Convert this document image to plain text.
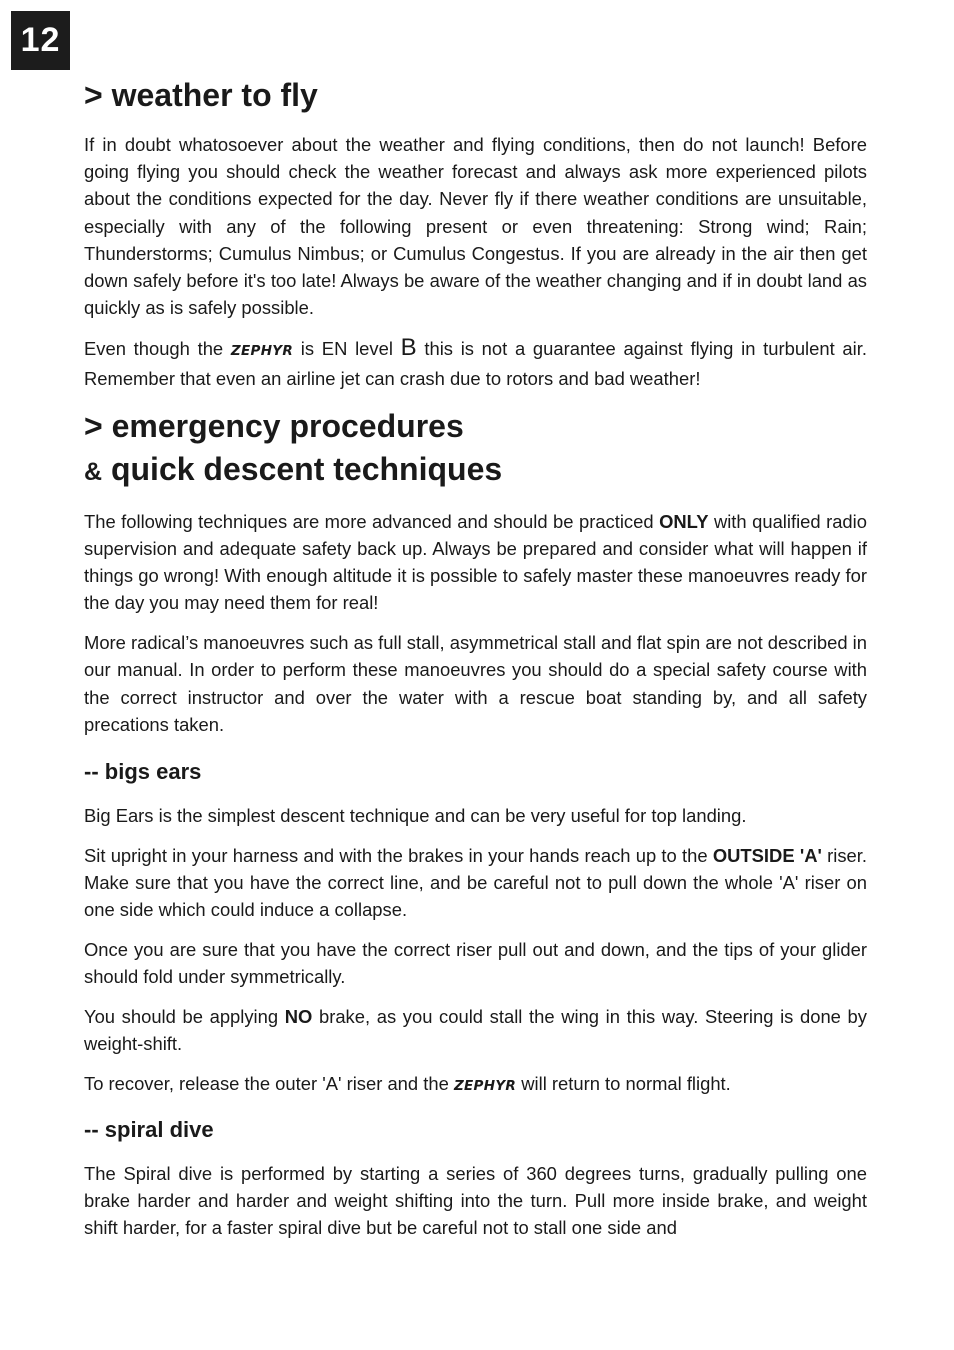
12
> weather to fly

If in doubt whatosoever about the weather and flying conditions, then do not launch! Before going flying you should check the weather forecast and always ask more experienced pilots about the conditions expected for the day. Never fly if there weather conditions are unsuitable, especially with any of the following present or even threatening: Strong wind; Rain; Thunderstorms; Cumulus Nimbus; or Cumulus Congestus. If you are already in the air then get down safely before it's too late! Always be aware of the weather changing and if in doubt land as quickly as is safely possible.

Even though the ZEPHYR is EN level B this is not a guarantee against flying in turbulent air. Remember that even an airline jet can crash due to rotors and bad weather!

> emergency procedures
& quick descent techniques

The following techniques are more advanced and should be practiced ONLY with qualified radio supervision and adequate safety back up. Always be prepared and consider what will happen if things go wrong! With enough altitude it is possible to safely master these manoeuvres ready for the day you may need them for real!

More radical’s manoeuvres such as full stall, asymmetrical stall and flat spin are not described in our manual. In order to perform these manoeuvres you should do a special safety course with the correct instructor and over the water with a rescue boat standing by, and all safety precations taken.

-- bigs ears

Big Ears is the simplest descent technique and can be very useful for top landing.

Sit upright in your harness and with the brakes in your hands reach up to the OUTSIDE 'A' riser. Make sure that you have the correct line, and be careful not to pull down the whole 'A' riser on one side which could induce a collapse.

Once you are sure that you have the correct riser pull out and down, and the tips of your glider should fold under symmetrically.

You should be applying NO brake, as you could stall the wing in this way. Steering is done by weight-shift.

To recover, release the outer 'A' riser and the ZEPHYR will return to normal flight.

-- spiral dive

The Spiral dive is performed by starting a series of 360 degrees turns, gradually pulling one brake harder and harder and weight shifting into the turn. Pull more inside brake, and weight shift harder, for a faster spiral dive but be careful not to stall one side and
